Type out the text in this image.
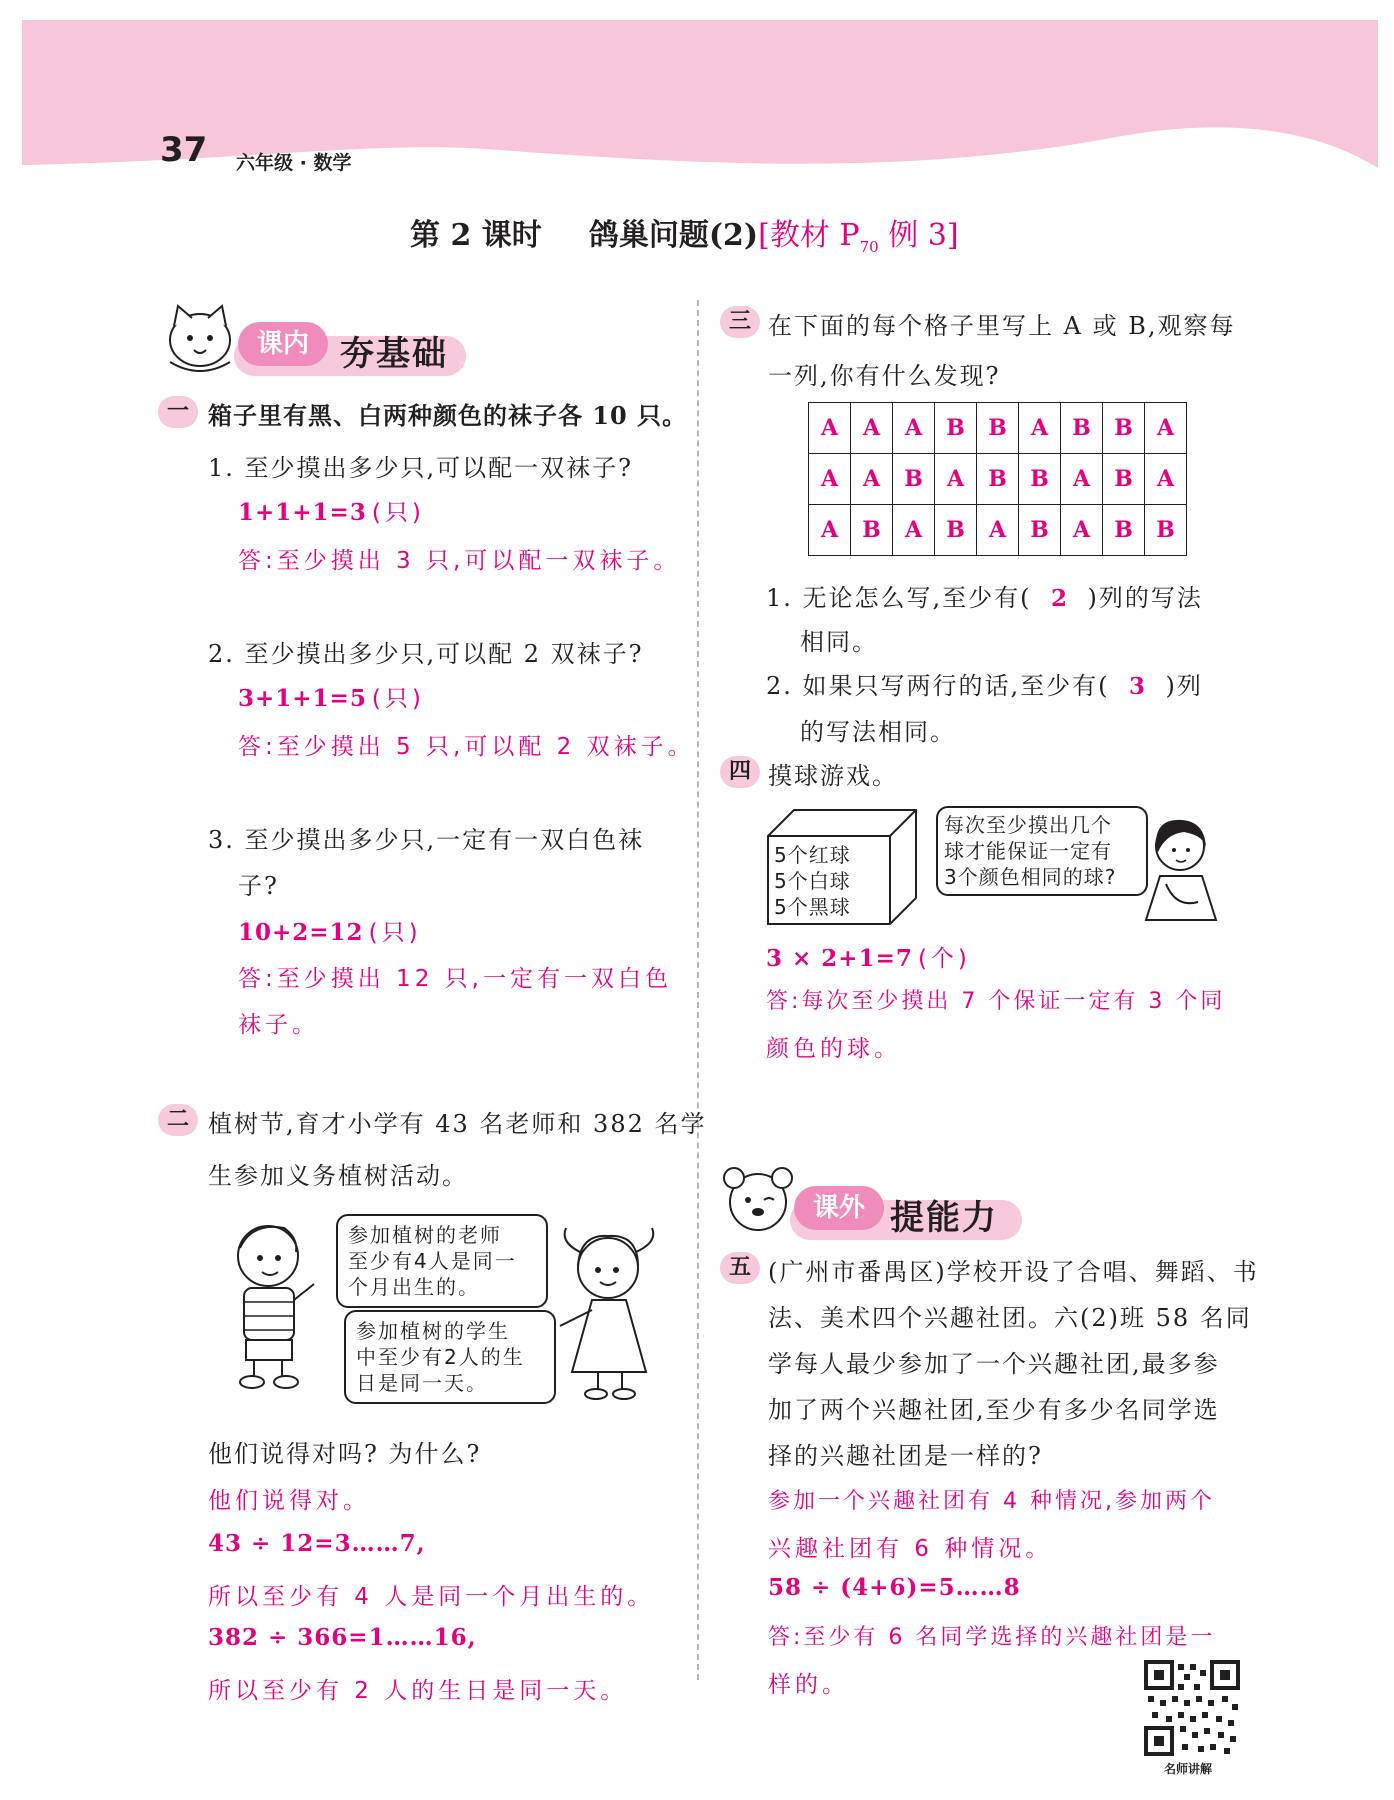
37 六年级 · 数学
第 2 课时 鸽巢问题(2)[教材 $P_{70}$ 例 3]
课内 夯基础
一 箱子里有黑、白两种颜色的袜子各 10 只。
1. 至少摸出多少只,可以配一双袜子?
1+1+1=3 (只)
答:至少摸出 3 只,可以配一双袜子。
2. 至少摸出多少只,可以配 2 双袜子?
3+1+1=5 (只)
答:至少摸出 5 只,可以配 2 双袜子。
3. 至少摸出多少只,一定有一双白色袜
子?
10+2=12 (只)
答:至少摸出 12 只,一定有一双白色
袜子。
二 植树节,育才小学有 43 名老师和 382 名学
生参加义务植树活动。
参加植树的老师
至少有4人是同一
个月出生的。
参加植树的学生
中至少有2人的生
日是同一天。
他们说得对吗? 为什么?
他们说得对。
43 ÷ 12=3……7,
所以至少有 4 人是同一个月出生的。
382 ÷ 366=1……16,
所以至少有 2 人的生日是同一天。
三 在下面的每个格子里写上 A 或 B,观察每
一列,你有什么发现?
A	A	A	B	B	A	B	B	A
A	A	B	A	B	B	A	B	A
A	B	A	B	A	B	A	B	B
1. 无论怎么写,至少有( 2 )列的写法
相同。
2. 如果只写两行的话,至少有( 3 )列
的写法相同。
四 摸球游戏。
5个红球
5个白球
5个黑球
每次至少摸出几个
球才能保证一定有
3个颜色相同的球?
3 × 2+1=7 (个)
答:每次至少摸出 7 个保证一定有 3 个同
颜色的球。
课外 提能力
五 (广州市番禺区)学校开设了合唱、舞蹈、书
法、美术四个兴趣社团。六(2)班 58 名同
学每人最少参加了一个兴趣社团,最多参
加了两个兴趣社团,至少有多少名同学选
择的兴趣社团是一样的?
参加一个兴趣社团有 4 种情况,参加两个
兴趣社团有 6 种情况。
58 ÷ (4+6)=5……8
答:至少有 6 名同学选择的兴趣社团是一
样的。
名师讲解
